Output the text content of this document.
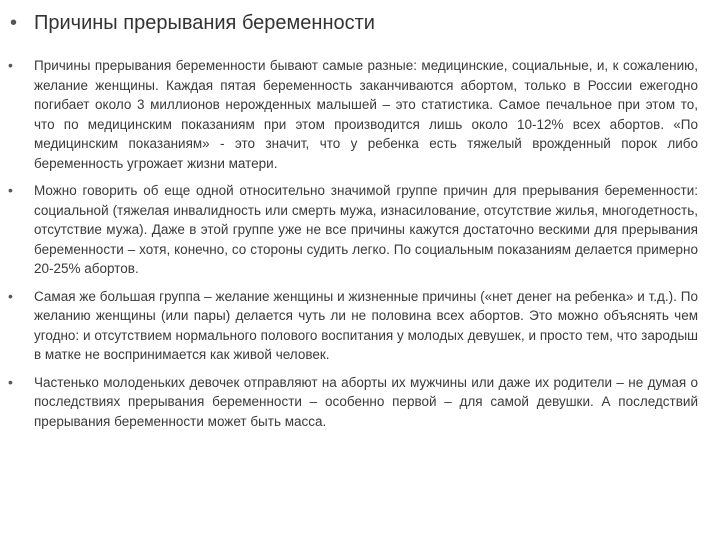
• Причины прерывания беременности
• Причины прерывания беременности бывают самые разные: медицинские, социальные, и, к сожалению, желание женщины. Каждая пятая беременность заканчиваются абортом, только в России ежегодно погибает около 3 миллионов нерожденных малышей – это статистика. Самое печальное при этом то, что по медицинским показаниям при этом производится лишь около 10-12% всех абортов. «По медицинским показаниям» - это значит, что у ребенка есть тяжелый врожденный порок либо беременность угрожает жизни матери.
• Можно говорить об еще одной относительно значимой группе причин для прерывания беременности: социальной (тяжелая инвалидность или смерть мужа, изнасилование, отсутствие жилья, многодетность, отсутствие мужа). Даже в этой группе уже не все причины кажутся достаточно вескими для прерывания беременности – хотя, конечно, со стороны судить легко. По социальным показаниям делается примерно 20-25% абортов.
• Самая же большая группа – желание женщины и жизненные причины («нет денег на ребенка» и т.д.). По желанию женщины (или пары) делается чуть ли не половина всех абортов. Это можно объяснять чем угодно: и отсутствием нормального полового воспитания у молодых девушек, и просто тем, что зародыш в матке не воспринимается как живой человек.
• Частенько молоденьких девочек отправляют на аборты их мужчины или даже их родители – не думая о последствиях прерывания беременности – особенно первой – для самой девушки. А последствий прерывания беременности может быть масса.
